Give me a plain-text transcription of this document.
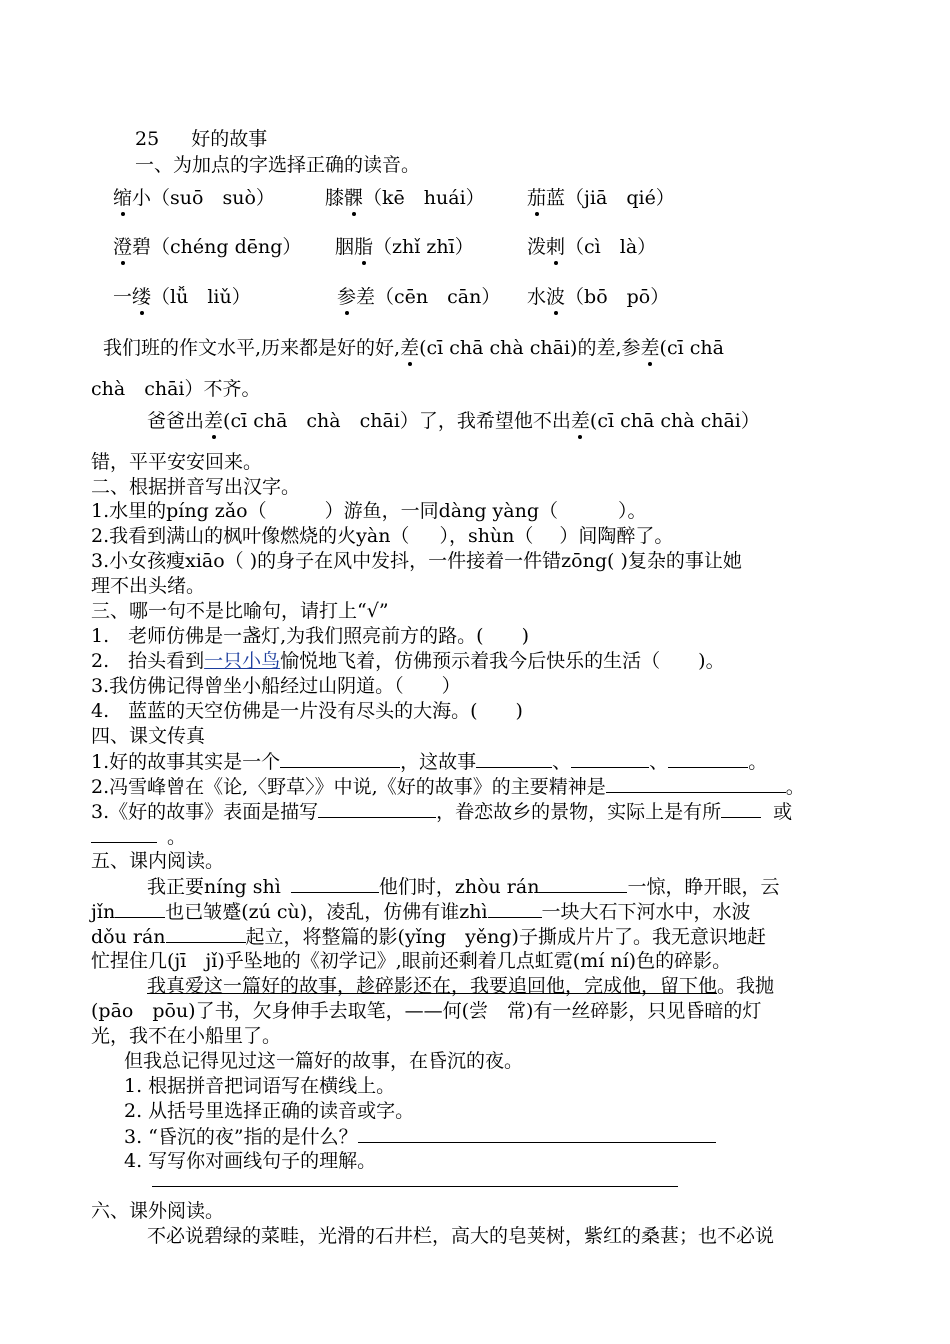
25 好的故事
一、为加点的字选择正确的读音。
缩小（suō　suò）	膝髁（kē　huái） 茄蓝（jiā　qié）
澄碧（chéng dēng） 胭脂（zhǐ zhī）	泼剌（cì　là）
一缕（lǚ　liǔ）	参差（cēn　cān） 水波（bō　pō）
我们班的作文水平,历来都是好的好,差(cī chā chà chāi)的差,参差(cī chā
chà　chāi）不齐。
爸爸出差(cī chā　chà　chāi）了，我希望他不出差(cī chā chà chāi）
错，平平安安回来。
二、根据拼音写出汉字。
1.水里的píng zǎo（	）游鱼，一同dàng yàng（	）。
2.我看到满山的枫叶像燃烧的火yàn（ ），shùn（ ）间陶醉了。
3.小女孩瘦xiāo（ )的身子在风中发抖，一件接着一件错zōng( )复杂的事让她
理不出头绪。
三、哪一句不是比喻句，请打上“√”
1.　老师仿佛是一盏灯,为我们照亮前方的路。(　　)
2.　抬头看到一只小鸟愉悦地飞着，仿佛预示着我今后快乐的生活（　　)。
3.我仿佛记得曾坐小船经过山阴道。（　　）
4.　蓝蓝的天空仿佛是一片没有尽头的大海。(　　)
四、课文传真
1.好的故事其实是一个	，这故事	、	、	。
2.冯雪峰曾在《论,〈野草〉》中说,《好的故事》的主要精神是	。
3.《好的故事》表面是描写	，眷恋故乡的景物，实际上是有所	或
。
五、课内阅读。
我正要níng shì	他们时，zhòu rán	一惊，睁开眼，云
jǐn	也已皱蹙(zú cù)，凌乱，仿佛有谁zhì	一块大石下河水中，水波
dǒu rán	起立，将整篇的影(yǐng　yěng)子撕成片片了。我无意识地赶
忙捏住几(jī　jǐ)乎坠地的《初学记》,眼前还剩着几点虹霓(mí ní)色的碎影。
我真爱这一篇好的故事，趁碎影还在，我要追回他，完成他，留下他。我抛
(pāo　pōu)了书，欠身伸手去取笔，——何(尝　常)有一丝碎影，只见昏暗的灯
光，我不在小船里了。
但我总记得见过这一篇好的故事，在昏沉的夜。
1. 根据拼音把词语写在横线上。
2. 从括号里选择正确的读音或字。
3. “昏沉的夜”指的是什么？
4. 写写你对画线句子的理解。
六、课外阅读。
不必说碧绿的菜畦，光滑的石井栏，高大的皂荚树，紫红的桑葚；也不必说
